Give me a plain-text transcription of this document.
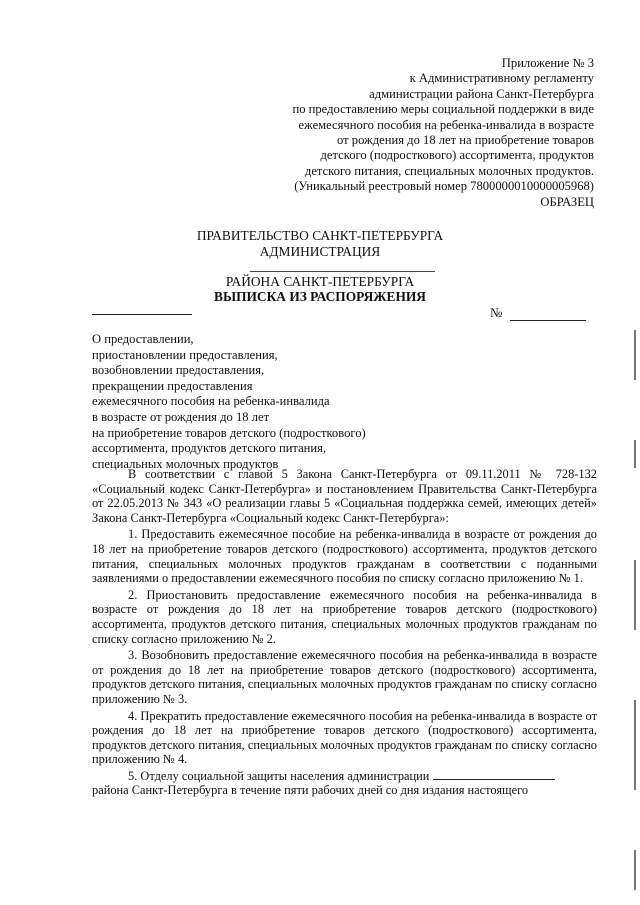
Приложение № 3
к Административному регламенту
администрации района Санкт-Петербурга
по предоставлению меры социальной поддержки в виде
ежемесячного пособия на ребенка-инвалида в возрасте
от рождения до 18 лет на приобретение товаров
детского (подросткового) ассортимента, продуктов
детского питания, специальных молочных продуктов.
(Уникальный реестровый номер 7800000010000005968)
ОБРАЗЕЦ
ПРАВИТЕЛЬСТВО САНКТ-ПЕТЕРБУРГА
АДМИНИСТРАЦИЯ
РАЙОНА САНКТ-ПЕТЕРБУРГА
ВЫПИСКА ИЗ РАСПОРЯЖЕНИЯ
№
О предоставлении,
приостановлении предоставления,
возобновлении предоставления,
прекращении предоставления
ежемесячного пособия на ребенка-инвалида
в возрасте от рождения до 18 лет
на приобретение товаров детского (подросткового)
ассортимента, продуктов детского питания,
специальных молочных продуктов

В соответствии с главой 5 Закона Санкт-Петербурга от 09.11.2011 № 728-132 «Социальный кодекс Санкт-Петербурга» и постановлением Правительства Санкт-Петербурга от 22.05.2013 № 343 «О реализации главы 5 «Социальная поддержка семей, имеющих детей» Закона Санкт-Петербурга «Социальный кодекс Санкт-Петербурга»:

1. Предоставить ежемесячное пособие на ребенка-инвалида в возрасте от рождения до 18 лет на приобретение товаров детского (подросткового) ассортимента, продуктов детского питания, специальных молочных продуктов гражданам в соответствии с поданными заявлениями о предоставлении ежемесячного пособия по списку согласно приложению № 1.

2. Приостановить предоставление ежемесячного пособия на ребенка-инвалида в возрасте от рождения до 18 лет на приобретение товаров детского (подросткового) ассортимента, продуктов детского питания, специальных молочных продуктов гражданам по списку согласно приложению № 2.

3. Возобновить предоставление ежемесячного пособия на ребенка-инвалида в возрасте от рождения до 18 лет на приобретение товаров детского (подросткового) ассортимента, продуктов детского питания, специальных молочных продуктов гражданам по списку согласно приложению № 3.

4. Прекратить предоставление ежемесячного пособия на ребенка-инвалида в возрасте от рождения до 18 лет на приобретение товаров детского (подросткового) ассортимента, продуктов детского питания, специальных молочных продуктов гражданам по списку согласно приложению № 4.

5. Отделу социальной защиты населения администрации
района Санкт-Петербурга в течение пяти рабочих дней со дня издания настоящего
